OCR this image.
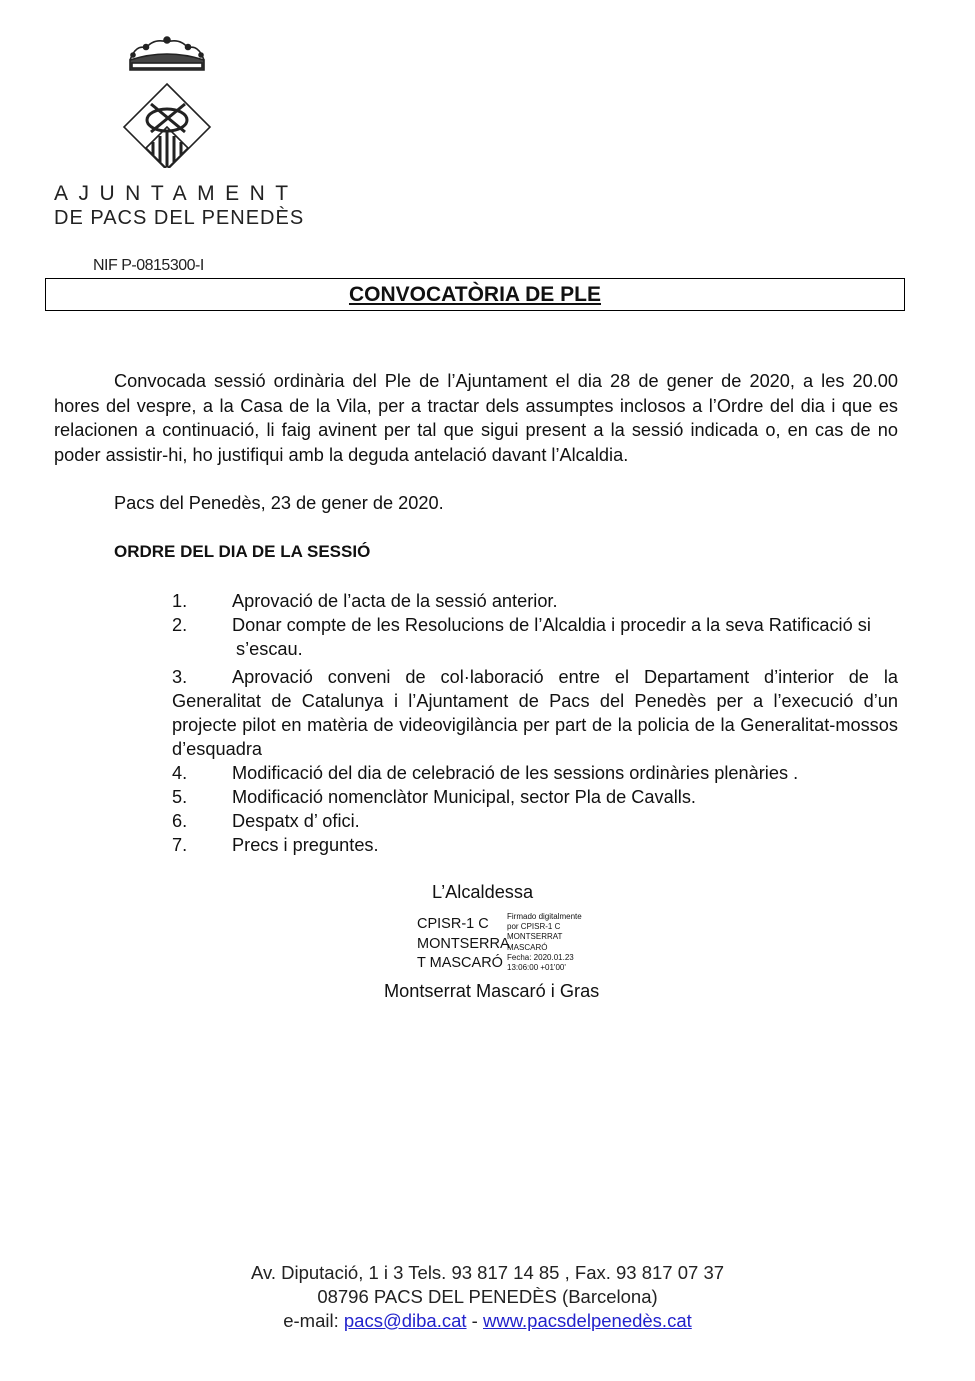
AJUNTAMENT
DE PACS DEL PENEDÈS
NIF P-0815300-I
CONVOCATÒRIA DE PLE

Convocada sessió ordinària del Ple de l’Ajuntament el dia 28 de gener de 2020, a les 20.00 hores del vespre, a la Casa de la Vila, per a tractar dels assumptes inclosos a l’Ordre del dia i que es relacionen a continuació, li faig avinent per tal que sigui present a la sessió indicada o, en cas de no poder assistir-hi, ho justifiqui amb la deguda antelació davant l’Alcaldia.

Pacs del Penedès, 23 de gener de 2020.

ORDRE DEL DIA DE LA SESSIÓ

1.	Aprovació de l’acta de la sessió anterior.
2.	Donar compte de les Resolucions de l’Alcaldia i procedir a la seva Ratificació si
s’escau.
3. Aprovació conveni de col·laboració entre el Departament d’interior de la Generalitat de Catalunya i l’Ajuntament de Pacs del Penedès per a l’execució d’un projecte pilot en matèria de videovigilància per part de la policia de la Generalitat-mossos d’esquadra
4.	Modificació del dia de celebració de les sessions ordinàries plenàries .
5.	Modificació nomenclàtor Municipal, sector Pla de Cavalls.
6.	Despatx d’ ofici.
7.	Precs i preguntes.
L’Alcaldessa
CPISR-1 C
MONTSERRA
T MASCARÓ
Firmado digitalmente
por CPISR-1 C
MONTSERRAT
MASCARÓ
Fecha: 2020.01.23
13:06:00 +01'00'
Montserrat Mascaró i Gras
Av. Diputació, 1 i 3 Tels. 93 817 14 85 , Fax. 93 817 07 37
08796 PACS DEL PENEDÈS (Barcelona)
e-mail: pacs@diba.cat - www.pacsdelpenedès.cat
